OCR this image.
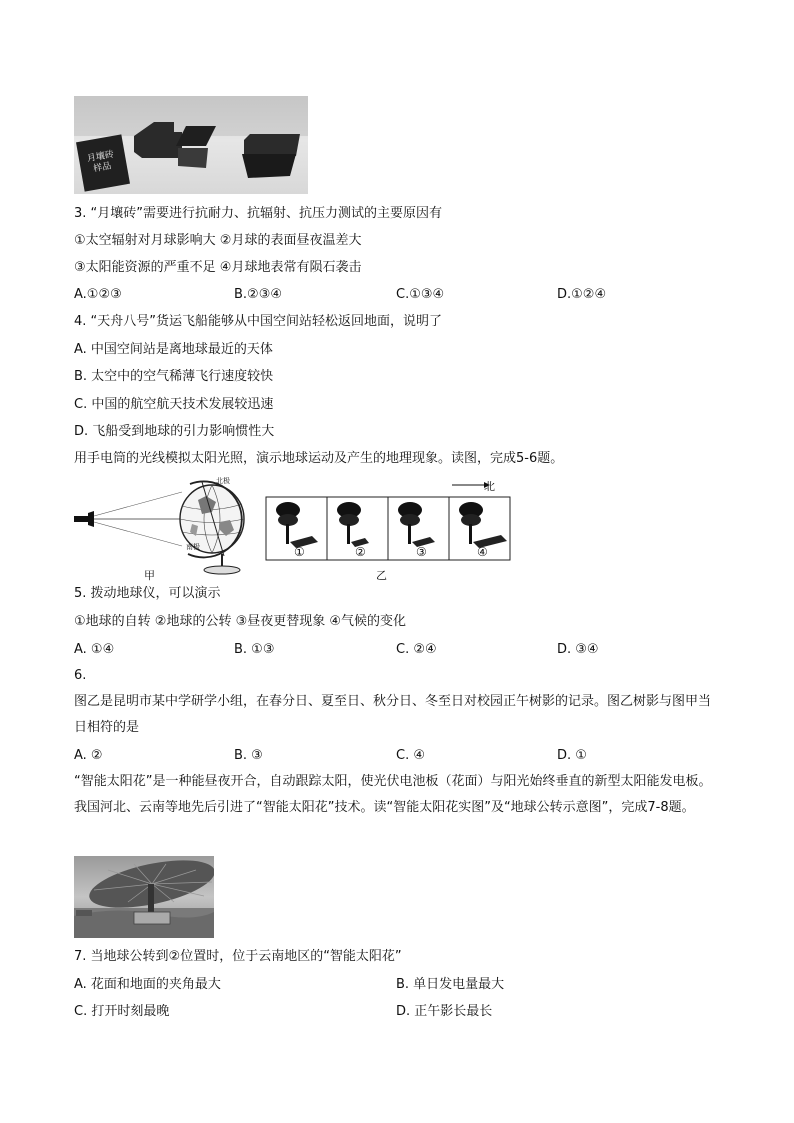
月壤砖
样品
3. “月壤砖”需要进行抗耐力、抗辐射、抗压力测试的主要原因有
①太空辐射对月球影响大 ②月球的表面昼夜温差大
③太阳能资源的严重不足 ④月球地表常有陨石袭击
A.①②③	B.②③④	C.①③④	D.①②④
4. “天舟八号”货运飞船能够从中国空间站轻松返回地面，说明了
A. 中国空间站是离地球最近的天体
B. 太空中的空气稀薄飞行速度较快
C. 中国的航空航天技术发展较迅速
D. 飞船受到地球的引力影响惯性大
用手电筒的光线模拟太阳光照，演示地球运动及产生的地理现象。读图，完成5-6题。
北
①	②	③	④
北极
南极
甲	乙
5. 拨动地球仪，可以演示
①地球的自转 ②地球的公转 ③昼夜更替现象 ④气候的变化
A. ①④	B. ①③	C. ②④	D. ③④
6.
图乙是昆明市某中学研学小组，在春分日、夏至日、秋分日、冬至日对校园正午树影的记录。图乙树影与图甲当日相符的是
A. ②	B. ③	C. ④	D. ①
“智能太阳花”是一种能昼夜开合，自动跟踪太阳，使光伏电池板（花面）与阳光始终垂直的新型太阳能发电板。我国河北、云南等地先后引进了“智能太阳花”技术。读“智能太阳花实图”及“地球公转示意图”，完成7-8题。
7. 当地球公转到②位置时，位于云南地区的“智能太阳花”
A. 花面和地面的夹角最大	B. 单日发电量最大
C. 打开时刻最晚	D. 正午影长最长
